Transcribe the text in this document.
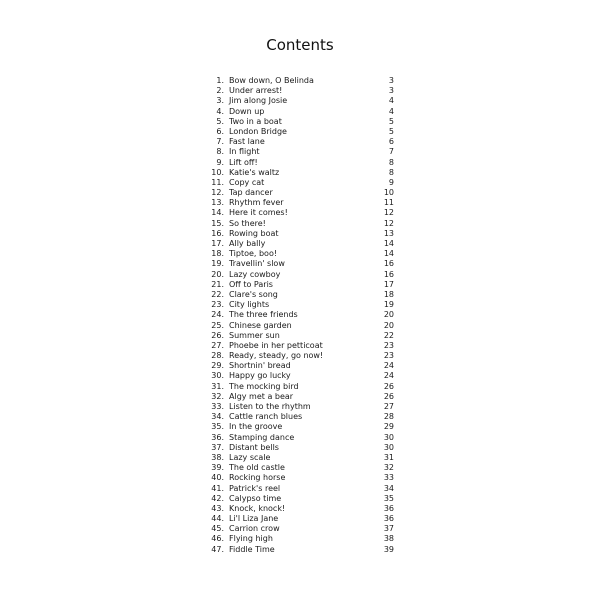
Contents
1. Bow down, O Belinda	3
2. Under arrest!	3
3. Jim along Josie	4
4. Down up	4
5. Two in a boat	5
6. London Bridge	5
7. Fast lane	6
8. In flight	7
9. Lift off!	8
10. Katie's waltz	8
11. Copy cat	9
12. Tap dancer	10
13. Rhythm fever	11
14. Here it comes!	12
15. So there!	12
16. Rowing boat	13
17. Ally bally	14
18. Tiptoe, boo!	14
19. Travellin' slow	16
20. Lazy cowboy	16
21. Off to Paris	17
22. Clare's song	18
23. City lights	19
24. The three friends	20
25. Chinese garden	20
26. Summer sun	22
27. Phoebe in her petticoat	23
28. Ready, steady, go now!	23
29. Shortnin' bread	24
30. Happy go lucky	24
31. The mocking bird	26
32. Algy met a bear	26
33. Listen to the rhythm	27
34. Cattle ranch blues	28
35. In the groove	29
36. Stamping dance	30
37. Distant bells	30
38. Lazy scale	31
39. The old castle	32
40. Rocking horse	33
41. Patrick's reel	34
42. Calypso time	35
43. Knock, knock!	36
44. Li'l Liza Jane	36
45. Carrion crow	37
46. Flying high	38
47. Fiddle Time	39
